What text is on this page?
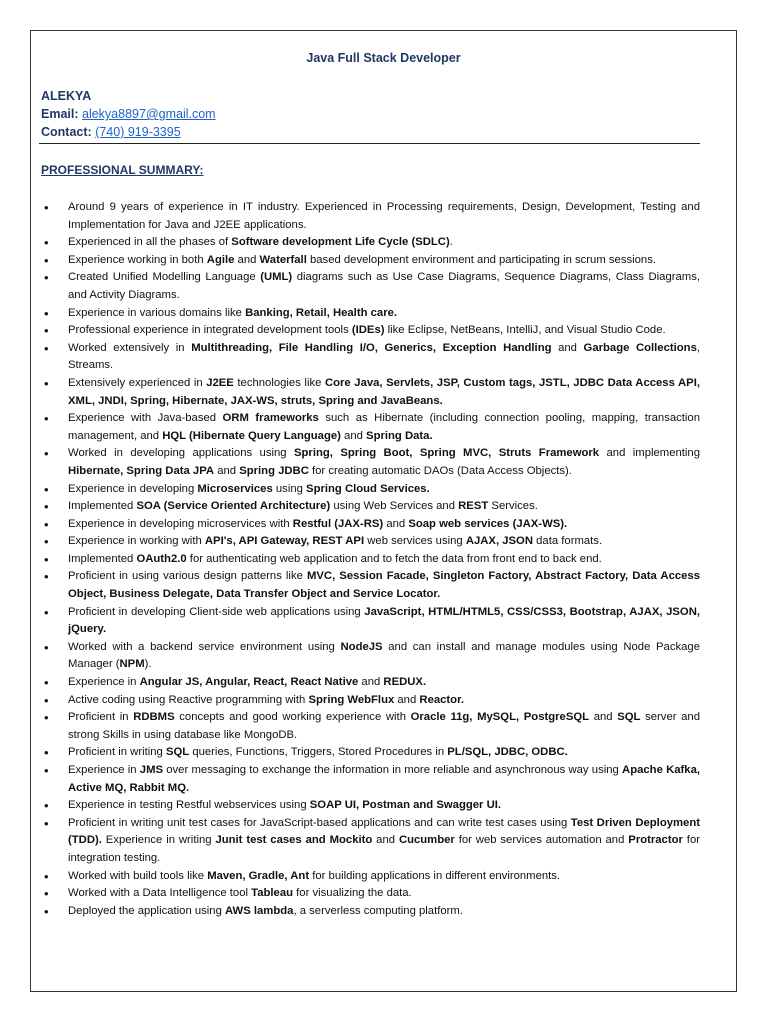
Java Full Stack Developer
ALEKYA
Email: alekya8897@gmail.com
Contact: (740) 919-3395
PROFESSIONAL SUMMARY:
• Around 9 years of experience in IT industry. Experienced in Processing requirements, Design, Development, Testing and Implementation for Java and J2EE applications.
• Experienced in all the phases of Software development Life Cycle (SDLC).
• Experience working in both Agile and Waterfall based development environment and participating in scrum sessions.
• Created Unified Modelling Language (UML) diagrams such as Use Case Diagrams, Sequence Diagrams, Class Diagrams, and Activity Diagrams.
• Experience in various domains like Banking, Retail, Health care.
• Professional experience in integrated development tools (IDEs) like Eclipse, NetBeans, IntelliJ, and Visual Studio Code.
• Worked extensively in Multithreading, File Handling I/O, Generics, Exception Handling and Garbage Collections, Streams.
• Extensively experienced in J2EE technologies like Core Java, Servlets, JSP, Custom tags, JSTL, JDBC Data Access API, XML, JNDI, Spring, Hibernate, JAX-WS, struts, Spring and JavaBeans.
• Experience with Java-based ORM frameworks such as Hibernate (including connection pooling, mapping, transaction management, and HQL (Hibernate Query Language) and Spring Data.
• Worked in developing applications using Spring, Spring Boot, Spring MVC, Struts Framework and implementing Hibernate, Spring Data JPA and Spring JDBC for creating automatic DAOs (Data Access Objects).
• Experience in developing Microservices using Spring Cloud Services.
• Implemented SOA (Service Oriented Architecture) using Web Services and REST Services.
• Experience in developing microservices with Restful (JAX-RS) and Soap web services (JAX-WS).
• Experience in working with API's, API Gateway, REST API web services using AJAX, JSON data formats.
• Implemented OAuth2.0 for authenticating web application and to fetch the data from front end to back end.
• Proficient in using various design patterns like MVC, Session Facade, Singleton Factory, Abstract Factory, Data Access Object, Business Delegate, Data Transfer Object and Service Locator.
• Proficient in developing Client-side web applications using JavaScript, HTML/HTML5, CSS/CSS3, Bootstrap, AJAX, JSON, jQuery.
• Worked with a backend service environment using NodeJS and can install and manage modules using Node Package Manager (NPM).
• Experience in Angular JS, Angular, React, React Native and REDUX.
• Active coding using Reactive programming with Spring WebFlux and Reactor.
• Proficient in RDBMS concepts and good working experience with Oracle 11g, MySQL, PostgreSQL and SQL server and strong Skills in using database like MongoDB.
• Proficient in writing SQL queries, Functions, Triggers, Stored Procedures in PL/SQL, JDBC, ODBC.
• Experience in JMS over messaging to exchange the information in more reliable and asynchronous way using Apache Kafka, Active MQ, Rabbit MQ.
• Experience in testing Restful webservices using SOAP UI, Postman and Swagger UI.
• Proficient in writing unit test cases for JavaScript-based applications and can write test cases using Test Driven Deployment (TDD). Experience in writing Junit test cases and Mockito and Cucumber for web services automation and Protractor for integration testing.
• Worked with build tools like Maven, Gradle, Ant for building applications in different environments.
• Worked with a Data Intelligence tool Tableau for visualizing the data.
• Deployed the application using AWS lambda, a serverless computing platform.
